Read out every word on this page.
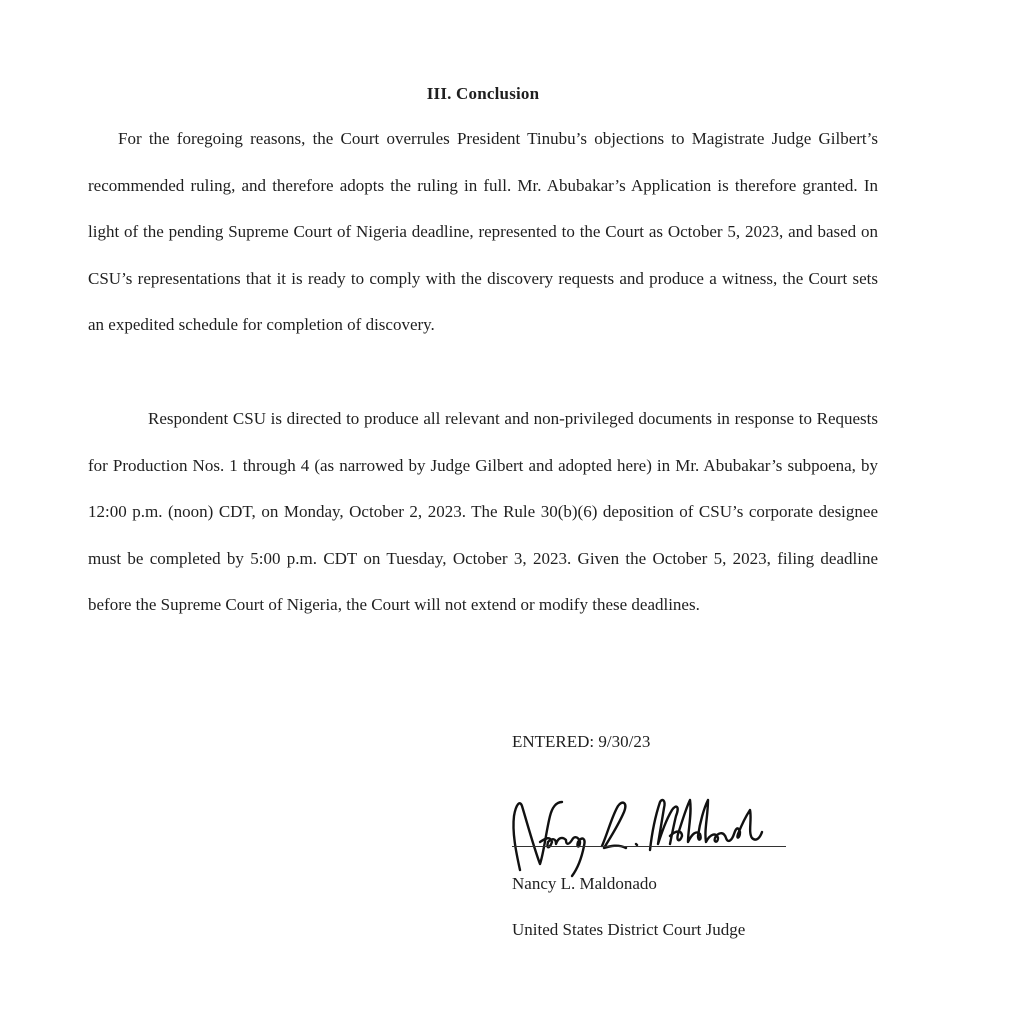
III. Conclusion

For the foregoing reasons, the Court overrules President Tinubu’s objections to Magistrate Judge Gilbert’s recommended ruling, and therefore adopts the ruling in full. Mr. Abubakar’s Application is therefore granted. In light of the pending Supreme Court of Nigeria deadline, represented to the Court as October 5, 2023, and based on CSU’s representations that it is ready to comply with the discovery requests and produce a witness, the Court sets an expedited schedule for completion of discovery.

Respondent CSU is directed to produce all relevant and non-privileged documents in response to Requests for Production Nos. 1 through 4 (as narrowed by Judge Gilbert and adopted here) in Mr. Abubakar’s subpoena, by 12:00 p.m. (noon) CDT, on Monday, October 2, 2023. The Rule 30(b)(6) deposition of CSU’s corporate designee must be completed by 5:00 p.m. CDT on Tuesday, October 3, 2023. Given the October 5, 2023, filing deadline before the Supreme Court of Nigeria, the Court will not extend or modify these deadlines.

ENTERED: 9/30/23
Nancy L. Maldonado
United States District Court Judge
